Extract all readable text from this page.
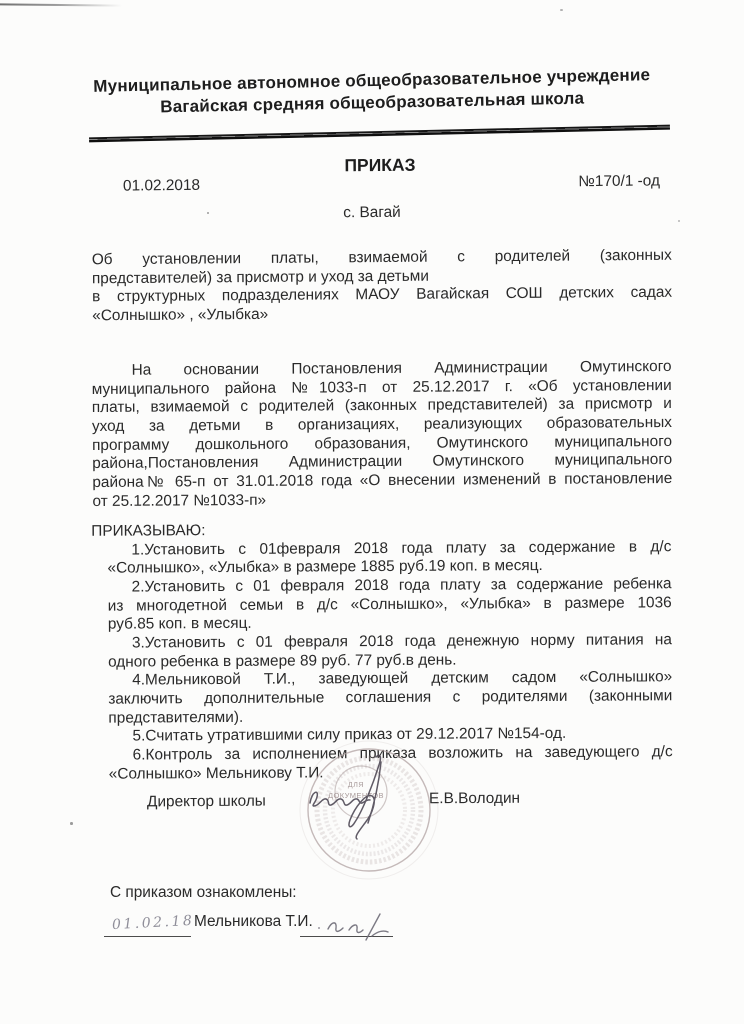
Муниципальное автономное общеобразовательное учреждение
Вагайская средняя общеобразовательная школа
ПРИКАЗ
01.02.2018	№170/1 -од
с. Вагай
Об установлении платы, взимаемой с родителей (законных
представителей) за присмотр и уход за детьми
в структурных подразделениях МАОУ Вагайская СОШ детских садах
«Солнышко» , «Улыбка»
На основании Постановления Администрации Омутинского
муниципального района №1033-п от 25.12.2017 г. «Об установлении
платы, взимаемой с родителей (законных представителей) за присмотр и
уход за детьми в организациях, реализующих образовательных
программу дошкольного образования, Омутинского муниципального
района,Постановления Администрации Омутинского муниципального
района№ 65-п от 31.01.2018 года «О внесении изменений в постановление
от 25.12.2017 №1033-п»
ПРИКАЗЫВАЮ:
1.Установить с 01февраля 2018 года плату за содержание в д/с
«Солнышко», «Улыбка» в размере 1885 руб.19 коп. в месяц.
2.Установить с 01 февраля 2018 года плату за содержание ребенка
из многодетной семьи в д/с «Солнышко», «Улыбка» в размере 1036
руб.85 коп. в месяц.
3.Установить с 01 февраля 2018 года денежную норму питания на
одного ребенка в размере 89 руб. 77 руб.в день.
4.Мельниковой Т.И., заведующей детским садом «Солнышко»
заключить дополнительные соглашения с родителями (законными
представителями).
5.Считать утратившими силу приказ от 29.12.2017 №154-од.
6.Контроль за исполнением приказа возложить на заведующего д/с
«Солнышко» Мельникову Т.И.
Директор школы	Е.В.Володин
ДЛЯ
ДОКУМЕНТОВ
С приказом ознакомлены:
01.02.18 Мельникова Т.И.
